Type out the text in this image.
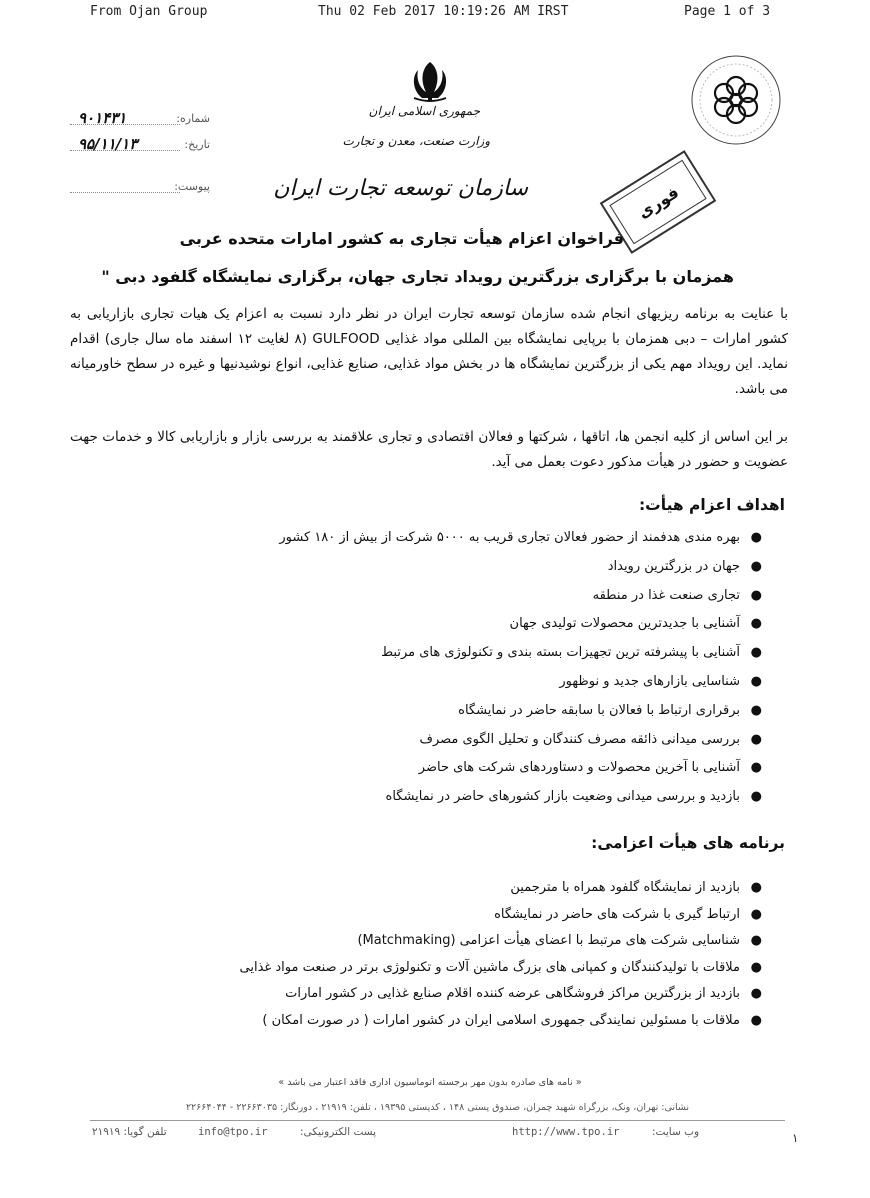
From Ojan Group	Thu 02 Feb 2017 10:19:26 AM IRST	Page 1 of 3
جمهوری اسلامی ایران
وزارت صنعت، معدن و تجارت
سازمان توسعه تجارت ایران
شماره:
۹۰۱۴۳۱
تاریخ:
۹۵/۱۱/۱۳
پیوست:	فوری
فراخوان اعزام هیأت تجاری به کشور امارات متحده عربی
همزمان با برگزاری بزرگترین رویداد تجاری جهان، برگزاری نمایشگاه گلفود دبی "
با عنایت به برنامه ریزیهای انجام شده سازمان توسعه تجارت ایران در نظر دارد نسبت به اعزام یک هیات تجاری بازاریابی به کشور امارات – دبی همزمان با برپایی نمایشگاه بین المللی مواد غذایی GULFOOD (۸ لغایت ۱۲ اسفند ماه سال جاری) اقدام نماید. این رویداد مهم یکی از بزرگترین نمایشگاه ها در بخش مواد غذایی، صنایع غذایی، انواع نوشیدنیها و غیره در سطح خاورمیانه می باشد.
بر این اساس از کلیه انجمن ها، اتاقها ، شرکتها و فعالان اقتصادی و تجاری علاقمند به بررسی بازار و بازاریابی کالا و خدمات جهت عضویت و حضور در هیأت مذکور دعوت بعمل می آید.
اهداف اعزام هیأت:
●
بهره مندی هدفمند از حضور فعالان تجاری قریب به ۵۰۰۰ شرکت از بیش از ۱۸۰ کشور
●
جهان در بزرگترین رویداد
●
تجاری صنعت غذا در منطقه
●
آشنایی با جدیدترین محصولات تولیدی جهان
●
آشنایی با پیشرفته ترین تجهیزات بسته بندی و تکنولوژی های مرتبط
●
شناسایی بازارهای جدید و نوظهور
●
برقراری ارتباط با فعالان با سابقه حاضر در نمایشگاه
●
بررسی میدانی ذائقه مصرف کنندگان و تحلیل الگوی مصرف
●
آشنایی با آخرین محصولات و دستاوردهای شرکت های حاضر
●
بازدید و بررسی میدانی وضعیت بازار کشورهای حاضر در نمایشگاه
برنامه های هیأت اعزامی:
●
بازدید از نمایشگاه گلفود همراه با مترجمین
●
ارتباط گیری با شرکت های حاضر در نمایشگاه
●
شناسایی شرکت های مرتبط با اعضای هیأت اعزامی (Matchmaking)
●
ملاقات با تولیدکنندگان و کمپانی های بزرگ ماشین آلات و تکنولوژی برتر در صنعت مواد غذایی
●
بازدید از بزرگترین مراکز فروشگاهی عرضه کننده اقلام صنایع غذایی در کشور امارات
●
ملاقات با مسئولین نمایندگی جمهوری اسلامی ایران در کشور امارات ( در صورت امکان )
« نامه های صادره بدون مهر برجسته اتوماسیون اداری فاقد اعتبار می باشد »
نشانی: تهران، ونک، بزرگراه شهید چمران، صندوق پستی ۱۴۸ ، کدپستی ۱۹۳۹۵ ، تلفن: ۲۱۹۱۹ ، دورنگار: ۲۲۶۶۳۰۳۵ - ۲۲۶۶۴۰۴۴
وب سایت:
http://www.tpo.ir
پست الکترونیکی:
info@tpo.ir
تلفن گویا: ۲۱۹۱۹	۱
